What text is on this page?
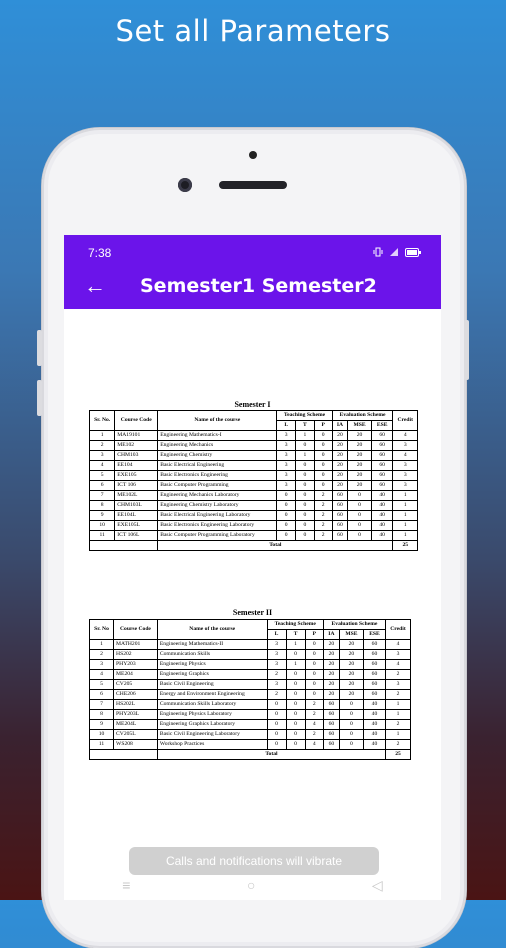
Set all Parameters
7:38
← Semester1 Semester2
Semester I
Sr. No.	Course Code	Name of the course	Teaching Scheme			Evaluation Scheme			Credit
			L	T	P	IA	MSE	ESE	
1	MA19101	Engineering Mathematics-I	3	1	0	20	20	60	4
2	ME102	Engineering Mechanics	3	0	0	20	20	60	3
3	CHM103	Engineering Chemistry	3	1	0	20	20	60	4
4	EE104	Basic Electrical Engineering	3	0	0	20	20	60	3
5	EXE105	Basic Electronics Engineering	3	0	0	20	20	60	3
6	ICT 106	Basic Computer Programming	3	0	0	20	20	60	3
7	ME102L	Engineering Mechanics Laboratory	0	0	2	60	0	40	1
8	CHM103L	Engineering Chemistry Laboratory	0	0	2	60	0	40	1
9	EE104L	Basic Electrical Engineering Laboratory	0	0	2	60	0	40	1
10	EXE105L	Basic Electronics Engineering Laboratory	0	0	2	60	0	40	1
11	ICT 106L	Basic Computer Programming Laboratory	0	0	2	60	0	40	1
		Total							25
Semester II
Sr. No	Course Code	Name of the course	Teaching Scheme			Evaluation Scheme			Credit
			L	T	P	IA	MSE	ESE	
1	MATH201	Engineering Mathematics-II	3	1	0	20	20	60	4
2	HS202	Communication Skills	3	0	0	20	20	60	3
3	PHY203	Engineering Physics	3	1	0	20	20	60	4
4	ME204	Engineering Graphics	2	0	0	20	20	60	2
5	CV205	Basic Civil Engineering	3	0	0	20	20	60	3
6	CHE206	Energy and Environment Engineering	2	0	0	20	20	60	2
7	HS202L	Communication Skills Laboratory	0	0	2	60	0	40	1
8	PHY203L	Engineering Physics Laboratory	0	0	2	60	0	40	1
9	ME204L	Engineering Graphics Laboratory	0	0	4	60	0	40	2
10	CV205L	Basic Civil Engineering Laboratory	0	0	2	60	0	40	1
11	WS208	Workshop Practices	0	0	4	60	0	40	2
		Total							25
Calls and notifications will vibrate
≡	○	◁
